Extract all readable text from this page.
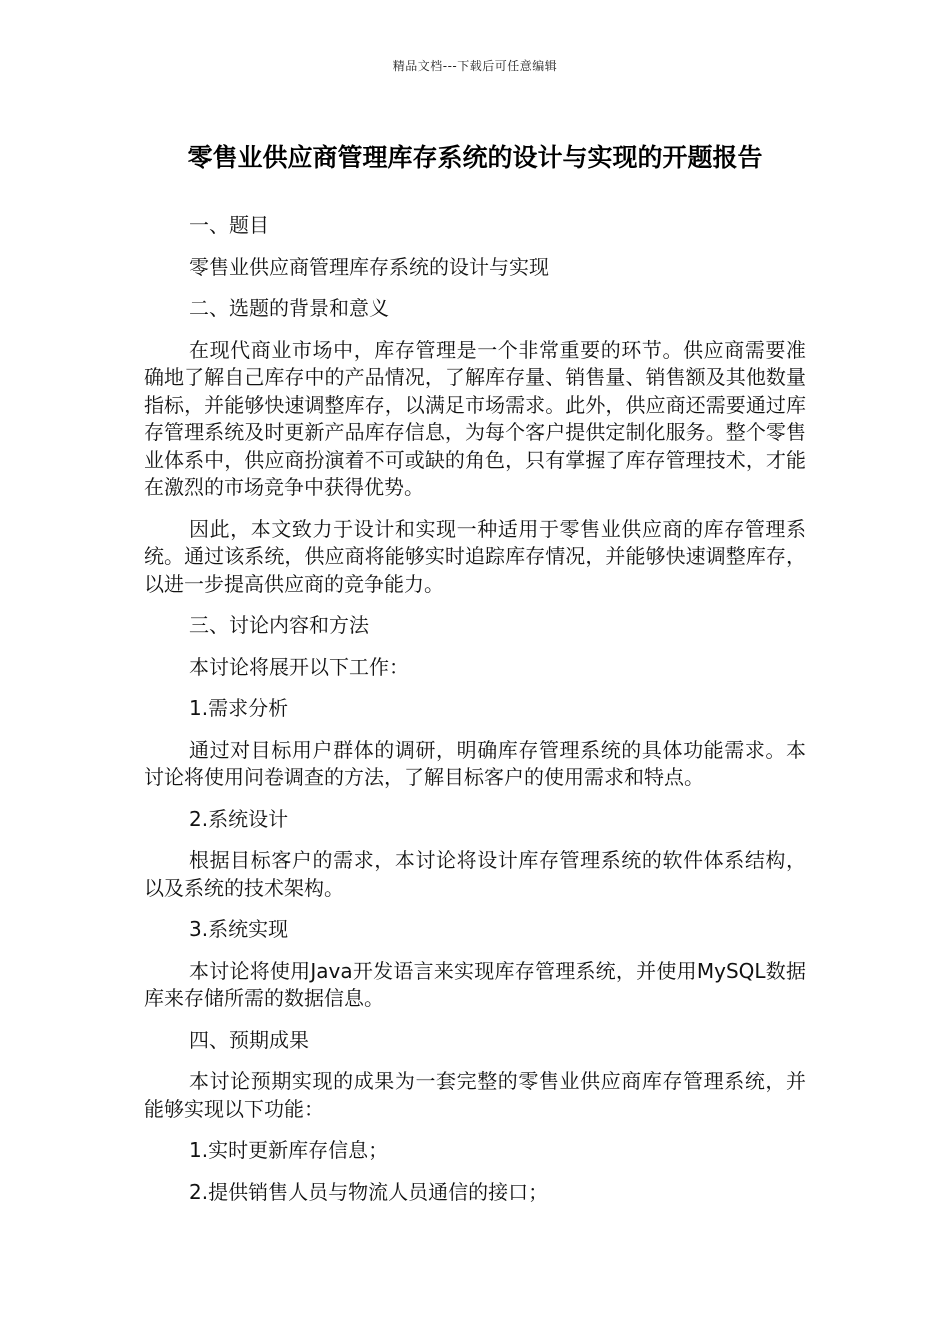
精品文档---下载后可任意编辑
零售业供应商管理库存系统的设计与实现的开题报告

一、题目

零售业供应商管理库存系统的设计与实现

二、选题的背景和意义

在现代商业市场中，库存管理是一个非常重要的环节。供应商需要准确地了解自己库存中的产品情况，了解库存量、销售量、销售额及其他数量指标，并能够快速调整库存，以满足市场需求。此外，供应商还需要通过库存管理系统及时更新产品库存信息，为每个客户提供定制化服务。整个零售业体系中，供应商扮演着不可或缺的角色，只有掌握了库存管理技术，才能在激烈的市场竞争中获得优势。

因此，本文致力于设计和实现一种适用于零售业供应商的库存管理系统。通过该系统，供应商将能够实时追踪库存情况，并能够快速调整库存，以进一步提高供应商的竞争能力。

三、讨论内容和方法

本讨论将展开以下工作：

1.需求分析

通过对目标用户群体的调研，明确库存管理系统的具体功能需求。本讨论将使用问卷调查的方法，了解目标客户的使用需求和特点。

2.系统设计

根据目标客户的需求，本讨论将设计库存管理系统的软件体系结构，以及系统的技术架构。

3.系统实现

本讨论将使用Java开发语言来实现库存管理系统，并使用MySQL数据库来存储所需的数据信息。

四、预期成果

本讨论预期实现的成果为一套完整的零售业供应商库存管理系统，并能够实现以下功能：

1.实时更新库存信息；

2.提供销售人员与物流人员通信的接口；
